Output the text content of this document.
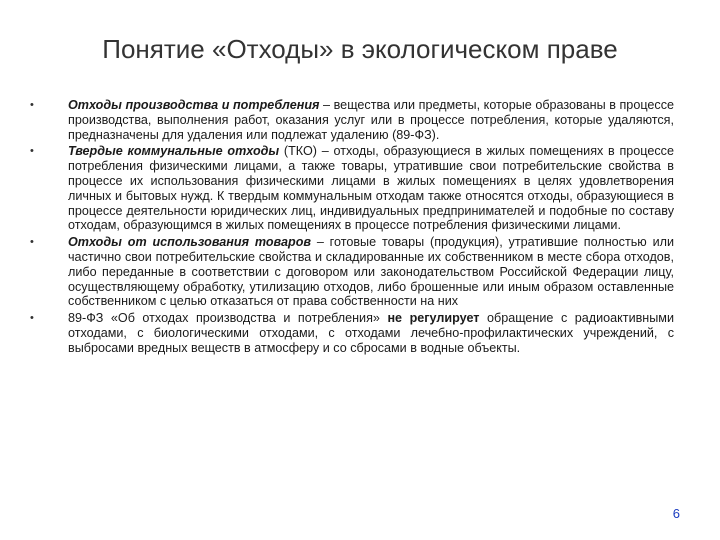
Понятие «Отходы» в экологическом праве
•	Отходы производства и потребления – вещества или предметы, которые образованы в процессе производства, выполнения работ, оказания услуг или в процессе потребления, которые удаляются, предназначены для удаления или подлежат удалению (89-ФЗ).
•	Твердые коммунальные отходы (ТКО) – отходы, образующиеся в жилых помещениях в процессе потребления физическими лицами, а также товары, утратившие свои потребительские свойства в процессе их использования физическими лицами в жилых помещениях в целях удовлетворения личных и бытовых нужд. К твердым коммунальным отходам также относятся отходы, образующиеся в процессе деятельности юридических лиц, индивидуальных предпринимателей и подобные по составу отходам, образующимся в жилых помещениях в процессе потребления физическими лицами.
•	Отходы от использования товаров – готовые товары (продукция), утратившие полностью или частично свои потребительские свойства и складированные их собственником в месте сбора отходов, либо переданные в соответствии с договором или законодательством Российской Федерации лицу, осуществляющему обработку, утилизацию отходов, либо брошенные или иным образом оставленные собственником с целью отказаться от права собственности на них
•	89-ФЗ «Об отходах производства и потребления» не регулирует обращение с радиоактивными отходами, с биологическими отходами, с отходами лечебно-профилактических учреждений, с выбросами вредных веществ в атмосферу и со сбросами в водные объекты.
6
